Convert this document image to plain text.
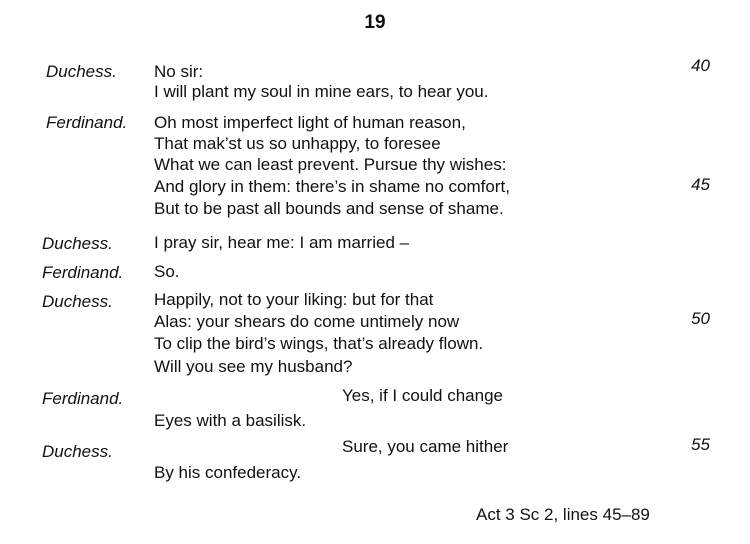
19
Duchess. No sir:
I will plant my soul in mine ears, to hear you.
Ferdinand. Oh most imperfect light of human reason,
That mak’st us so unhappy, to foresee
What we can least prevent. Pursue thy wishes:
And glory in them: there’s in shame no comfort,
But to be past all bounds and sense of shame.
Duchess. I pray sir, hear me: I am married –
Ferdinand. So.
Duchess. Happily, not to your liking: but for that
Alas: your shears do come untimely now
To clip the bird’s wings, that’s already flown.
Will you see my husband?
Ferdinand.	Yes, if I could change
Eyes with a basilisk.
Duchess.	Sure, you came hither
By his confederacy.
40
45
50
55
Act 3 Sc 2, lines 45–89
